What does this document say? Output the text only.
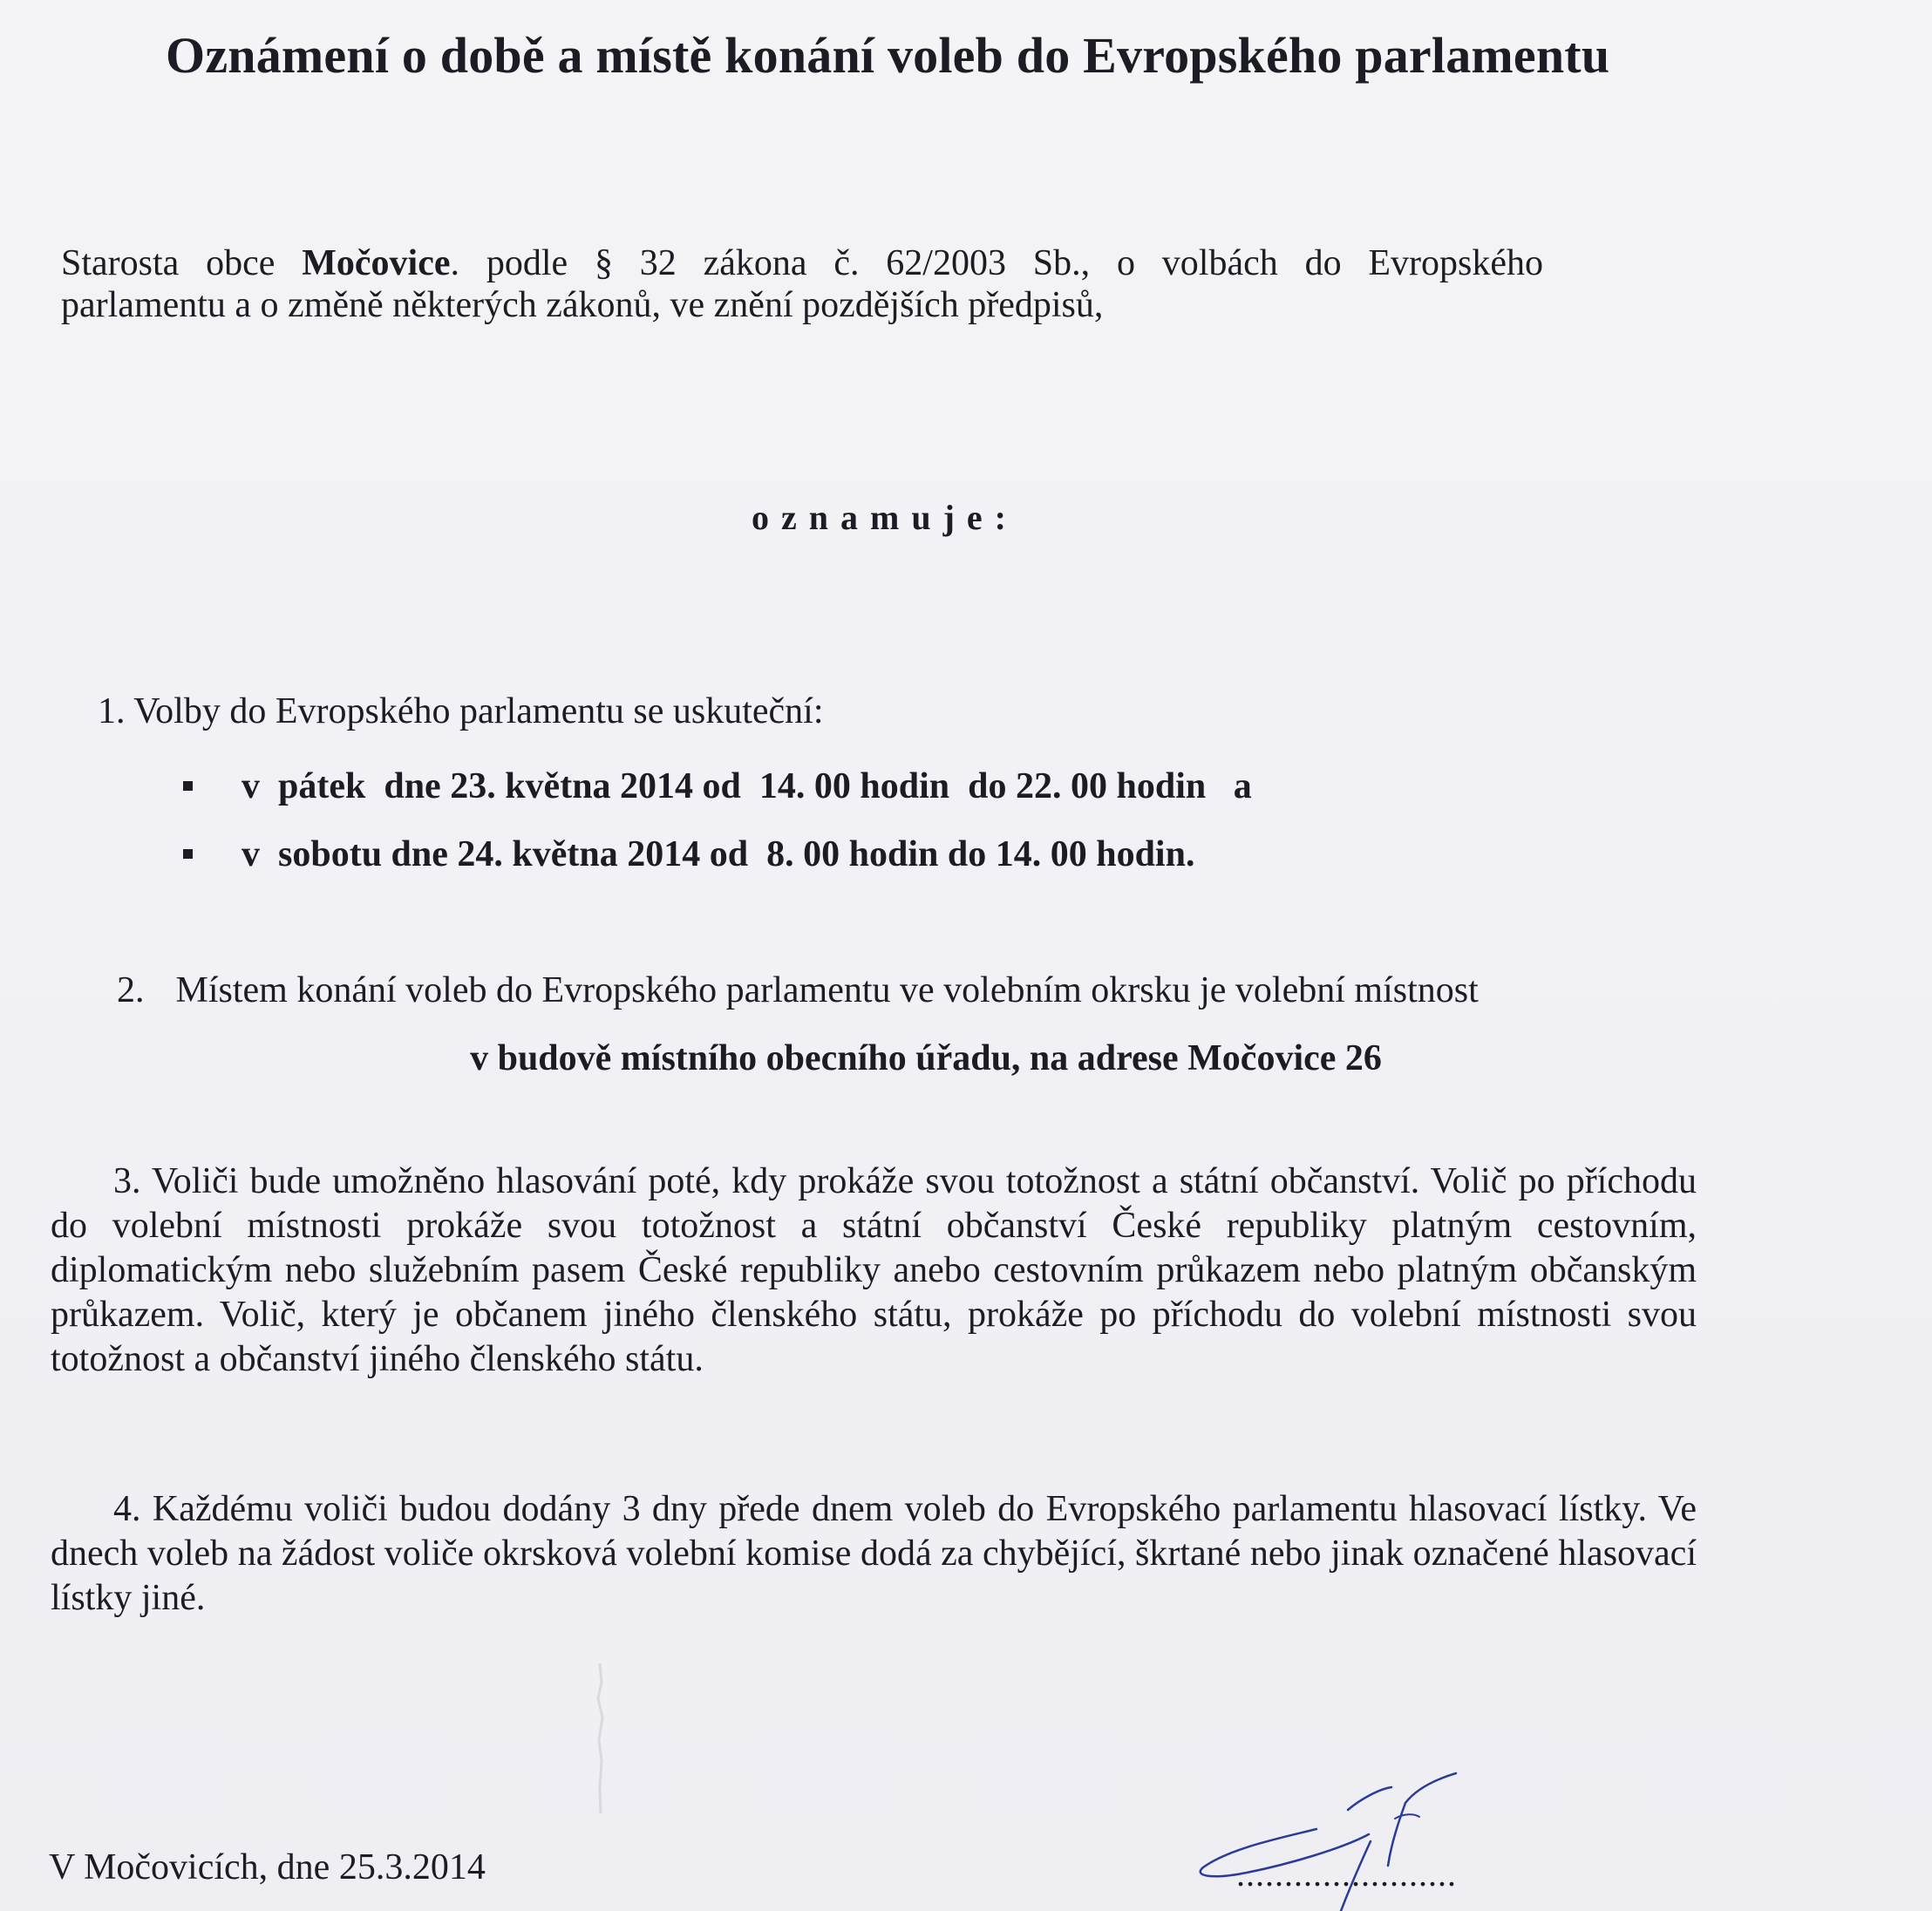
Oznámení o době a místě konání voleb do Evropského parlamentu
Starosta obce Močovice. podle § 32 zákona č. 62/2003 Sb., o volbách do Evropského
parlamentu a o změně některých zákonů, ve znění pozdějších předpisů,
oznamuje:
1. Volby do Evropského parlamentu se uskuteční:
v  pátek  dne 23. května 2014 od  14. 00 hodin  do 22. 00 hodin   a
v  sobotu dne 24. května 2014 od  8. 00 hodin do 14. 00 hodin.
2. Místem konání voleb do Evropského parlamentu ve volebním okrsku je volební místnost
v budově místního obecního úřadu, na adrese Močovice 26
3. Voliči bude umožněno hlasování poté, kdy prokáže svou totožnost a státní občanství. Volič po příchodu do volební místnosti prokáže svou totožnost a státní občanství České republiky platným cestovním, diplomatickým nebo služebním pasem České republiky anebo cestovním průkazem nebo platným občanským průkazem. Volič, který je občanem jiného členského státu, prokáže po příchodu do volební místnosti svou totožnost a občanství jiného členského státu.
4. Každému voliči budou dodány 3 dny přede dnem voleb do Evropského parlamentu hlasovací lístky. Ve dnech voleb na žádost voliče okrsková volební komise dodá za chybějící, škrtané nebo jinak označené hlasovací lístky jiné.
V Močovicích, dne 25.3.2014	.......................
